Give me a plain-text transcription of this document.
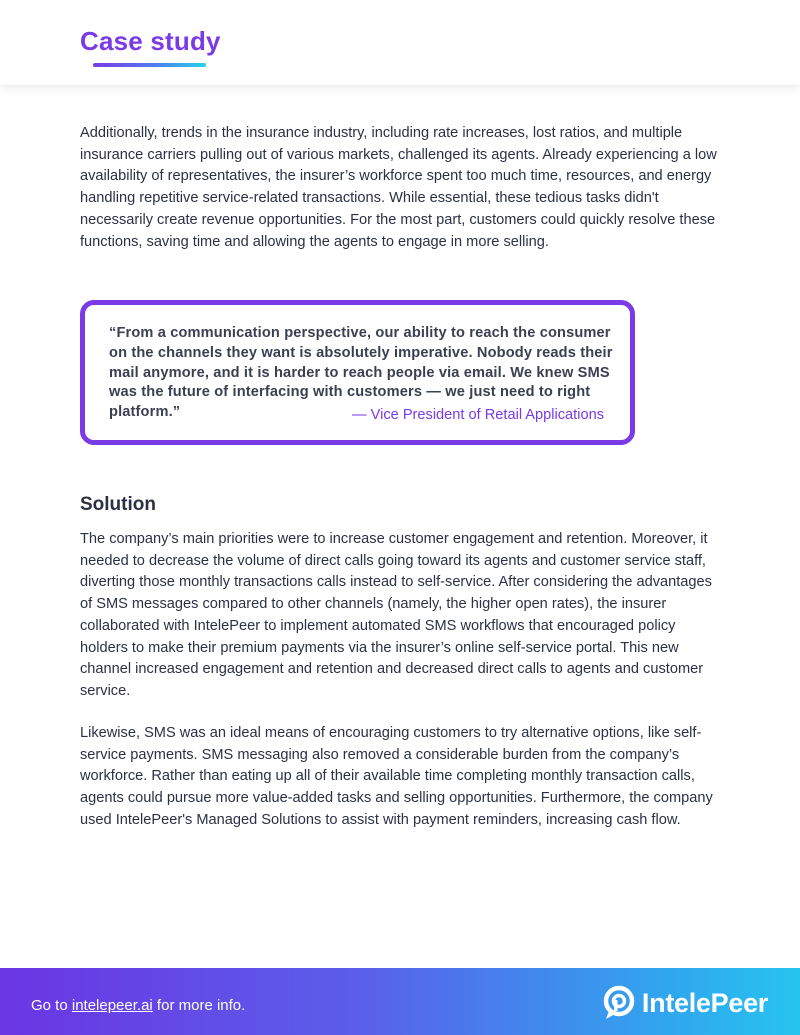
Case study

Additionally, trends in the insurance industry, including rate increases, lost ratios, and multiple insurance carriers pulling out of various markets, challenged its agents. Already experiencing a low availability of representatives, the insurer’s workforce spent too much time, resources, and energy handling repetitive service-related transactions. While essential, these tedious tasks didn't necessarily create revenue opportunities. For the most part, customers could quickly resolve these functions, saving time and allowing the agents to engage in more selling.

“From a communication perspective, our ability to reach the consumer on the channels they want is absolutely imperative. Nobody reads their mail anymore, and it is harder to reach people via email. We knew SMS was the future of interfacing with customers — we just need to right platform.”	— Vice President of Retail Applications
Solution

The company’s main priorities were to increase customer engagement and retention. Moreover, it needed to decrease the volume of direct calls going toward its agents and customer service staff, diverting those monthly transactions calls instead to self-service. After considering the advantages of SMS messages compared to other channels (namely, the higher open rates), the insurer collaborated with IntelePeer to implement automated SMS workflows that encouraged policy holders to make their premium payments via the insurer’s online self-service portal. This new channel increased engagement and retention and decreased direct calls to agents and customer service.

Likewise, SMS was an ideal means of encouraging customers to try alternative options, like self-service payments. SMS messaging also removed a considerable burden from the company’s workforce. Rather than eating up all of their available time completing monthly transaction calls, agents could pursue more value-added tasks and selling opportunities. Furthermore, the company used IntelePeer's Managed Solutions to assist with payment reminders, increasing cash flow.

Go to intelepeer.ai for more info.	IntelePeer
